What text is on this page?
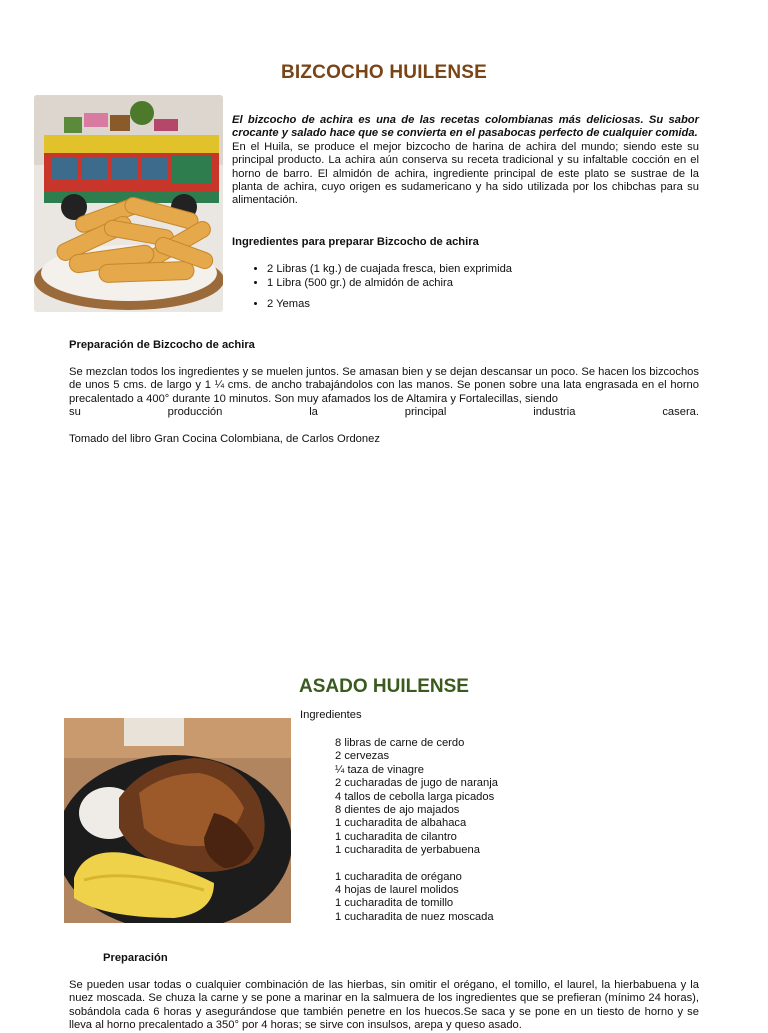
BIZCOCHO HUILENSE
El bizcocho de achira es una de las recetas colombianas más deliciosas. Su sabor crocante y salado hace que se convierta en el pasabocas perfecto de cualquier comida.
En el Huila, se produce el mejor bizcocho de harina de achira del mundo; siendo este su principal producto. La achira aún conserva su receta tradicional y su infaltable cocción en el horno de barro. El almidón de achira, ingrediente principal de este plato se sustrae de la planta de achira, cuyo origen es sudamericano y ha sido utilizada por los chibchas para su alimentación.
Ingredientes para preparar Bizcocho de achira
• 2 Libras (1 kg.) de cuajada fresca, bien exprimida
• 1 Libra (500 gr.) de almidón de achira
• 2 Yemas
Preparación de Bizcocho de achira
Se mezclan todos los ingredientes y se muelen juntos. Se amasan bien y se dejan descansar un poco. Se hacen los bizcochos de unos 5 cms. de largo y 1 ¼ cms. de ancho trabajándolos con las manos. Se ponen sobre una lata engrasada en el horno precalentado a 400° durante 10 minutos. Son muy afamados los de Altamira y Fortalecillas, siendo
su	producción	la	principal	industria	casera.
Tomado del libro Gran Cocina Colombiana, de Carlos Ordonez
ASADO HUILENSE
Ingredientes
8 libras de carne de cerdo
2 cervezas
¼ taza de vinagre
2 cucharadas de jugo de naranja
4 tallos de cebolla larga picados
8 dientes de ajo majados
1 cucharadita de albahaca
1 cucharadita de cilantro
1 cucharadita de yerbabuena
1 cucharadita de orégano
4 hojas de laurel molidos
1 cucharadita de tomillo
1 cucharadita de nuez moscada
Preparación
Se pueden usar todas o cualquier combinación de las hierbas, sin omitir el orégano, el tomillo, el laurel, la hierbabuena y la nuez moscada. Se chuza la carne y se pone a marinar en la salmuera de los ingredientes que se prefieran (mínimo 24 horas), sobándola cada 6 horas y asegurándose que también penetre en los huecos.Se saca y se pone en un tiesto de horno y se lleva al horno precalentado a 350° por 4 horas; se sirve con insulsos, arepa y queso asado.
